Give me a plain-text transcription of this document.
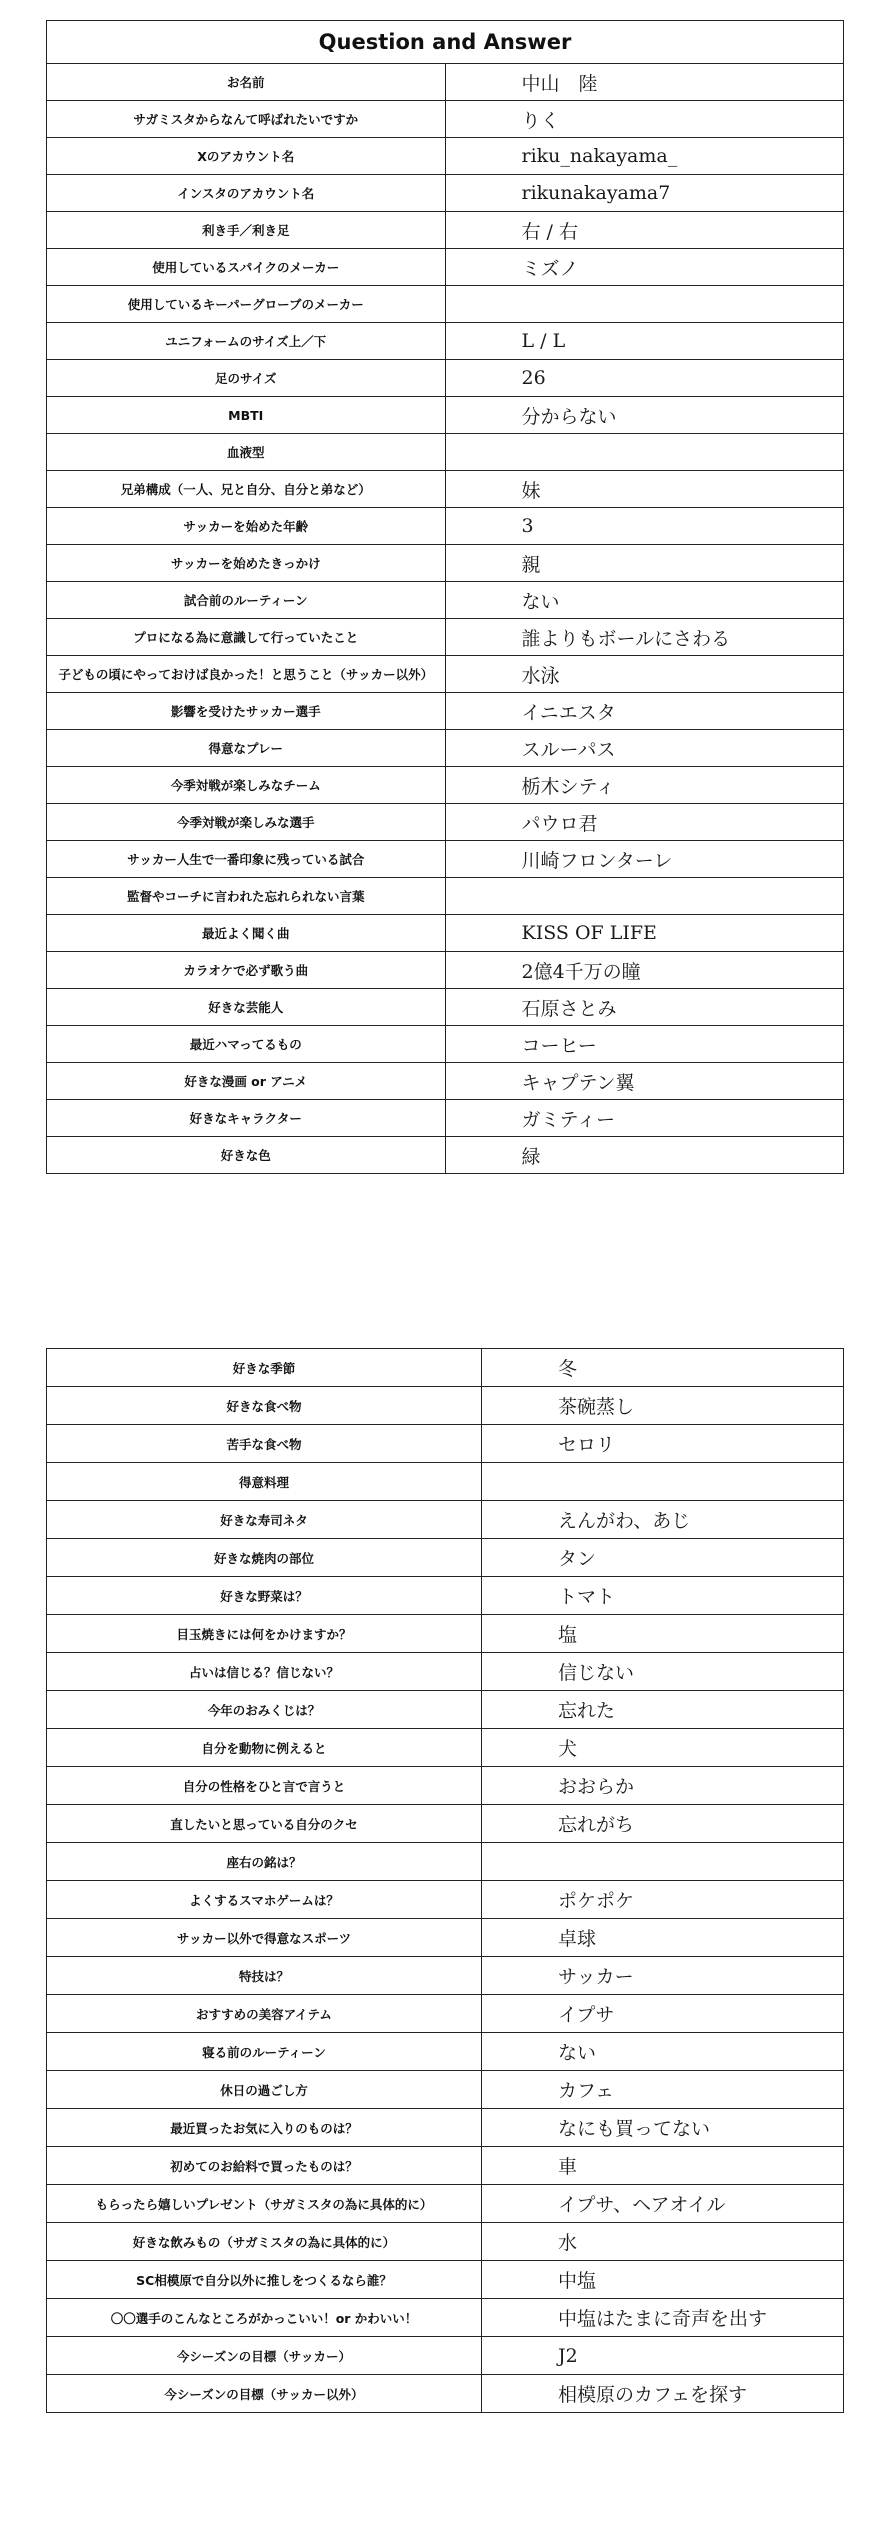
Question and Answer	
お名前	中山　陸
サガミスタからなんて呼ばれたいですか	りく
Xのアカウント名	riku_nakayama_
インスタのアカウント名	rikunakayama7
利き手／利き足	右 / 右
使用しているスパイクのメーカー	ミズノ
使用しているキーパーグローブのメーカー	
ユニフォームのサイズ上／下	L / L
足のサイズ	26
MBTI	分からない
血液型	
兄弟構成（一人、兄と自分、自分と弟など）	妹
サッカーを始めた年齢	3
サッカーを始めたきっかけ	親
試合前のルーティーン	ない
プロになる為に意識して行っていたこと	誰よりもボールにさわる
子どもの頃にやっておけば良かった！と思うこと（サッカー以外）	水泳
影響を受けたサッカー選手	イニエスタ
得意なプレー	スルーパス
今季対戦が楽しみなチーム	栃木シティ
今季対戦が楽しみな選手	パウロ君
サッカー人生で一番印象に残っている試合	川崎フロンターレ
監督やコーチに言われた忘れられない言葉	
最近よく聞く曲	KISS OF LIFE
カラオケで必ず歌う曲	2億4千万の瞳
好きな芸能人	石原さとみ
最近ハマってるもの	コーヒー
好きな漫画 or アニメ	キャプテン翼
好きなキャラクター	ガミティー
好きな色	緑
好きな季節	冬
好きな食べ物	茶碗蒸し
苦手な食べ物	セロリ
得意料理	
好きな寿司ネタ	えんがわ、あじ
好きな焼肉の部位	タン
好きな野菜は？	トマト
目玉焼きには何をかけますか？	塩
占いは信じる？信じない？	信じない
今年のおみくじは？	忘れた
自分を動物に例えると	犬
自分の性格をひと言で言うと	おおらか
直したいと思っている自分のクセ	忘れがち
座右の銘は？	
よくするスマホゲームは？	ポケポケ
サッカー以外で得意なスポーツ	卓球
特技は？	サッカー
おすすめの美容アイテム	イプサ
寝る前のルーティーン	ない
休日の過ごし方	カフェ
最近買ったお気に入りのものは？	なにも買ってない
初めてのお給料で買ったものは？	車
もらったら嬉しいプレゼント（サガミスタの為に具体的に）	イプサ、ヘアオイル
好きな飲みもの（サガミスタの為に具体的に）	水
SC相模原で自分以外に推しをつくるなら誰？	中塩
〇〇選手のこんなところがかっこいい！or かわいい！	中塩はたまに奇声を出す
今シーズンの目標（サッカー）	J2
今シーズンの目標（サッカー以外）	相模原のカフェを探す
